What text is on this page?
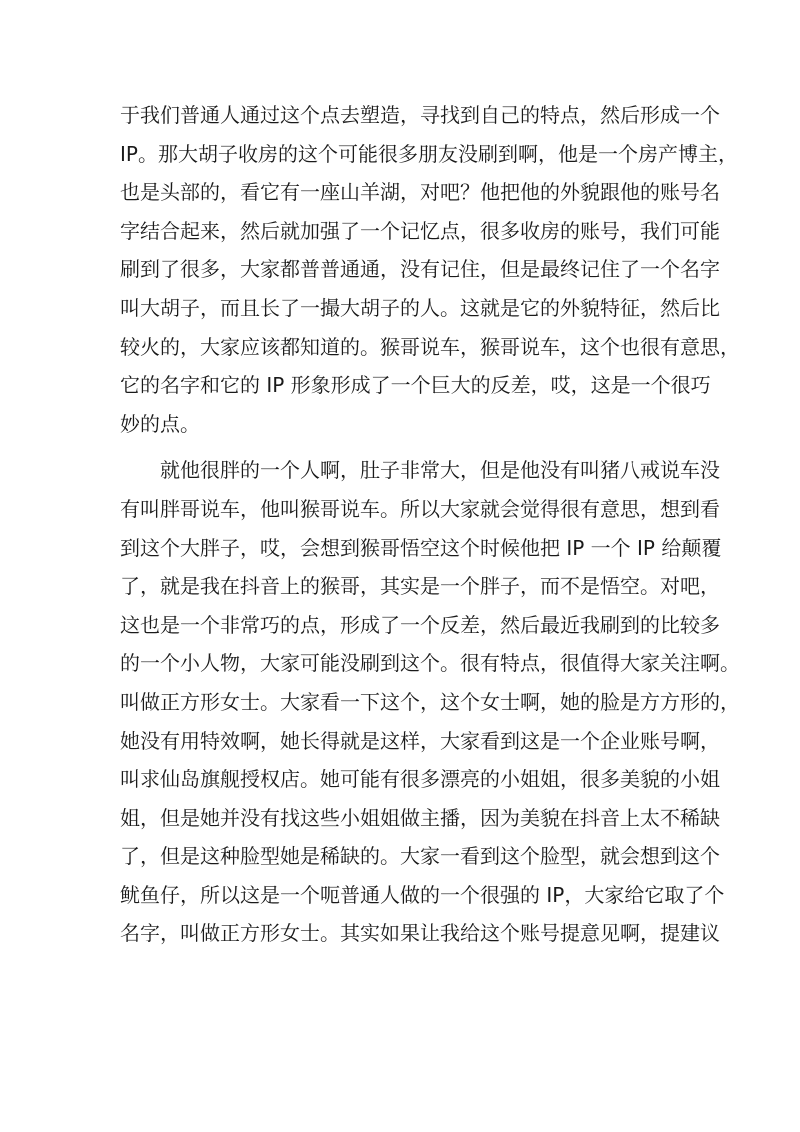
于我们普通人通过这个点去塑造，寻找到自己的特点，然后形成一个
IP。那大胡子收房的这个可能很多朋友没刷到啊，他是一个房产博主，
也是头部的，看它有一座山羊湖，对吧？他把他的外貌跟他的账号名
字结合起来，然后就加强了一个记忆点，很多收房的账号，我们可能
刷到了很多，大家都普普通通，没有记住，但是最终记住了一个名字
叫大胡子，而且长了一撮大胡子的人。这就是它的外貌特征，然后比
较火的，大家应该都知道的。猴哥说车，猴哥说车，这个也很有意思，
它的名字和它的 IP 形象形成了一个巨大的反差，哎，这是一个很巧
妙的点。
就他很胖的一个人啊，肚子非常大，但是他没有叫猪八戒说车没
有叫胖哥说车，他叫猴哥说车。所以大家就会觉得很有意思，想到看
到这个大胖子，哎，会想到猴哥悟空这个时候他把 IP 一个 IP 给颠覆
了，就是我在抖音上的猴哥，其实是一个胖子，而不是悟空。对吧，
这也是一个非常巧的点，形成了一个反差，然后最近我刷到的比较多
的一个小人物，大家可能没刷到这个。很有特点，很值得大家关注啊。
叫做正方形女士。大家看一下这个，这个女士啊，她的脸是方方形的，
她没有用特效啊，她长得就是这样，大家看到这是一个企业账号啊，
叫求仙岛旗舰授权店。她可能有很多漂亮的小姐姐，很多美貌的小姐
姐，但是她并没有找这些小姐姐做主播，因为美貌在抖音上太不稀缺
了，但是这种脸型她是稀缺的。大家一看到这个脸型，就会想到这个
鱿鱼仔，所以这是一个呃普通人做的一个很强的 IP，大家给它取了个
名字，叫做正方形女士。其实如果让我给这个账号提意见啊，提建议
